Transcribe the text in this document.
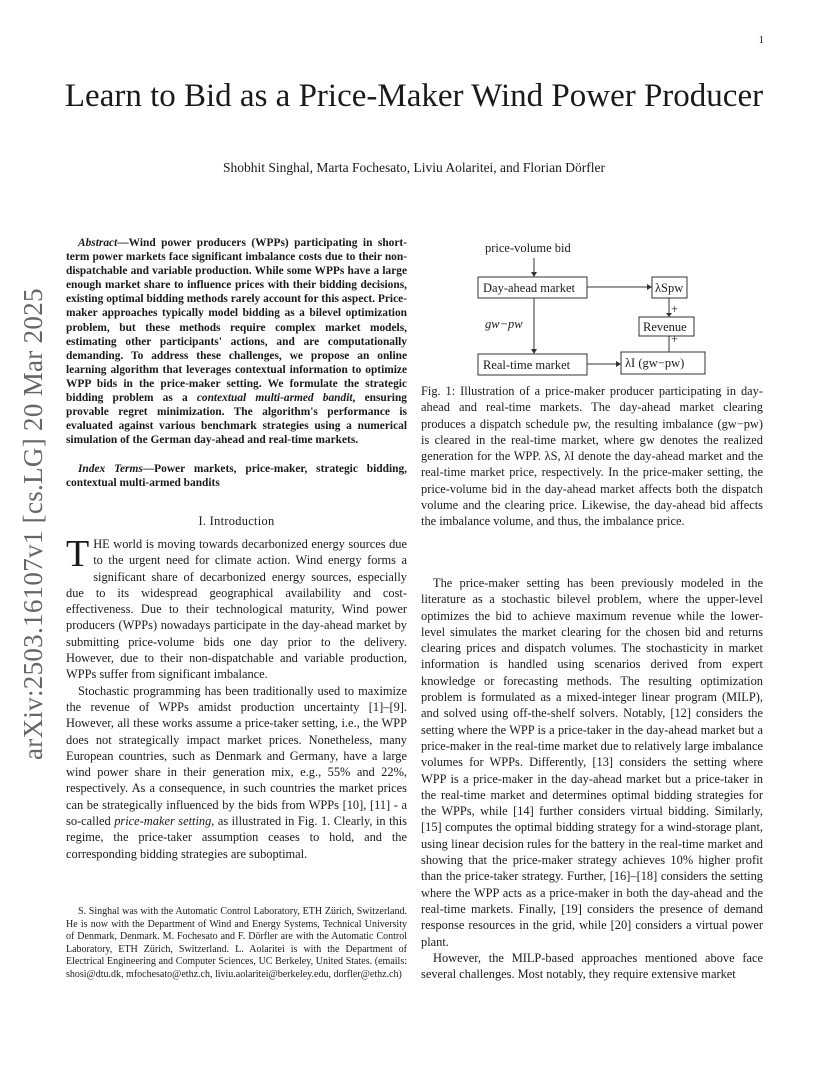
1
Learn to Bid as a Price-Maker Wind Power Producer
Shobhit Singhal, Marta Fochesato, Liviu Aolaritei, and Florian Dörfler
arXiv:2503.16107v1 [cs.LG] 20 Mar 2025
Abstract—Wind power producers (WPPs) participating in short-term power markets face significant imbalance costs due to their non-dispatchable and variable production. While some WPPs have a large enough market share to influence prices with their bidding decisions, existing optimal bidding methods rarely account for this aspect. Price-maker approaches typically model bidding as a bilevel optimization problem, but these methods require complex market models, estimating other participants' actions, and are computationally demanding. To address these challenges, we propose an online learning algorithm that leverages contextual information to optimize WPP bids in the price-maker setting. We formulate the strategic bidding problem as a contextual multi-armed bandit, ensuring provable regret minimization. The algorithm's performance is evaluated against various benchmark strategies using a numerical simulation of the German day-ahead and real-time markets.
Index Terms—Power markets, price-maker, strategic bidding, contextual multi-armed bandits
I. Introduction

THE world is moving towards decarbonized energy sources due to the urgent need for climate action. Wind energy forms a significant share of decarbonized energy sources, especially due to its widespread geographical availability and cost-effectiveness. Due to their technological maturity, Wind power producers (WPPs) nowadays participate in the day-ahead market by submitting price-volume bids one day prior to the delivery. However, due to their non-dispatchable and variable production, WPPs suffer from significant imbalance.

Stochastic programming has been traditionally used to maximize the revenue of WPPs amidst production uncertainty [1]–[9]. However, all these works assume a price-taker setting, i.e., the WPP does not strategically impact market prices. Nonetheless, many European countries, such as Denmark and Germany, have a large wind power share in their generation mix, e.g., 55% and 22%, respectively. As a consequence, in such countries the market prices can be strategically influenced by the bids from WPPs [10], [11] - a so-called price-maker setting, as illustrated in Fig. 1. Clearly, in this regime, the price-taker assumption ceases to hold, and the corresponding bidding strategies are suboptimal.

S. Singhal was with the Automatic Control Laboratory, ETH Zürich, Switzerland. He is now with the Department of Wind and Energy Systems, Technical University of Denmark, Denmark. M. Fochesato and F. Dörfler are with the Automatic Control Laboratory, ETH Zürich, Switzerland. L. Aolaritei is with the Department of Electrical Engineering and Computer Sciences, UC Berkeley, United States. (emails: shosi@dtu.dk, mfochesato@ethz.ch, liviu.aolaritei@berkeley.edu, dorfler@ethz.ch)
price-volume bid
Day-ahead market	λSpw
+
Revenue
+
gw−pw
Real-time market	λI (gw−pw)
Fig. 1: Illustration of a price-maker producer participating in day-ahead and real-time markets. The day-ahead market clearing produces a dispatch schedule pw, the resulting imbalance (gw−pw) is cleared in the real-time market, where gw denotes the realized generation for the WPP. λS, λI denote the day-ahead market and the real-time market price, respectively. In the price-maker setting, the price-volume bid in the day-ahead market affects both the dispatch volume and the clearing price. Likewise, the day-ahead bid affects the imbalance volume, and thus, the imbalance price.

The price-maker setting has been previously modeled in the literature as a stochastic bilevel problem, where the upper-level optimizes the bid to achieve maximum revenue while the lower-level simulates the market clearing for the chosen bid and returns clearing prices and dispatch volumes. The stochasticity in market information is handled using scenarios derived from expert knowledge or forecasting methods. The resulting optimization problem is formulated as a mixed-integer linear program (MILP), and solved using off-the-shelf solvers. Notably, [12] considers the setting where the WPP is a price-taker in the day-ahead market but a price-maker in the real-time market due to relatively large imbalance volumes for WPPs. Differently, [13] considers the setting where WPP is a price-maker in the day-ahead market but a price-taker in the real-time market and determines optimal bidding strategies for the WPPs, while [14] further considers virtual bidding. Similarly, [15] computes the optimal bidding strategy for a wind-storage plant, using linear decision rules for the battery in the real-time market and showing that the price-maker strategy achieves 10% higher profit than the price-taker strategy. Further, [16]–[18] considers the setting where the WPP acts as a price-maker in both the day-ahead and the real-time markets. Finally, [19] considers the presence of demand response resources in the grid, while [20] considers a virtual power plant.

However, the MILP-based approaches mentioned above face several challenges. Most notably, they require extensive market
